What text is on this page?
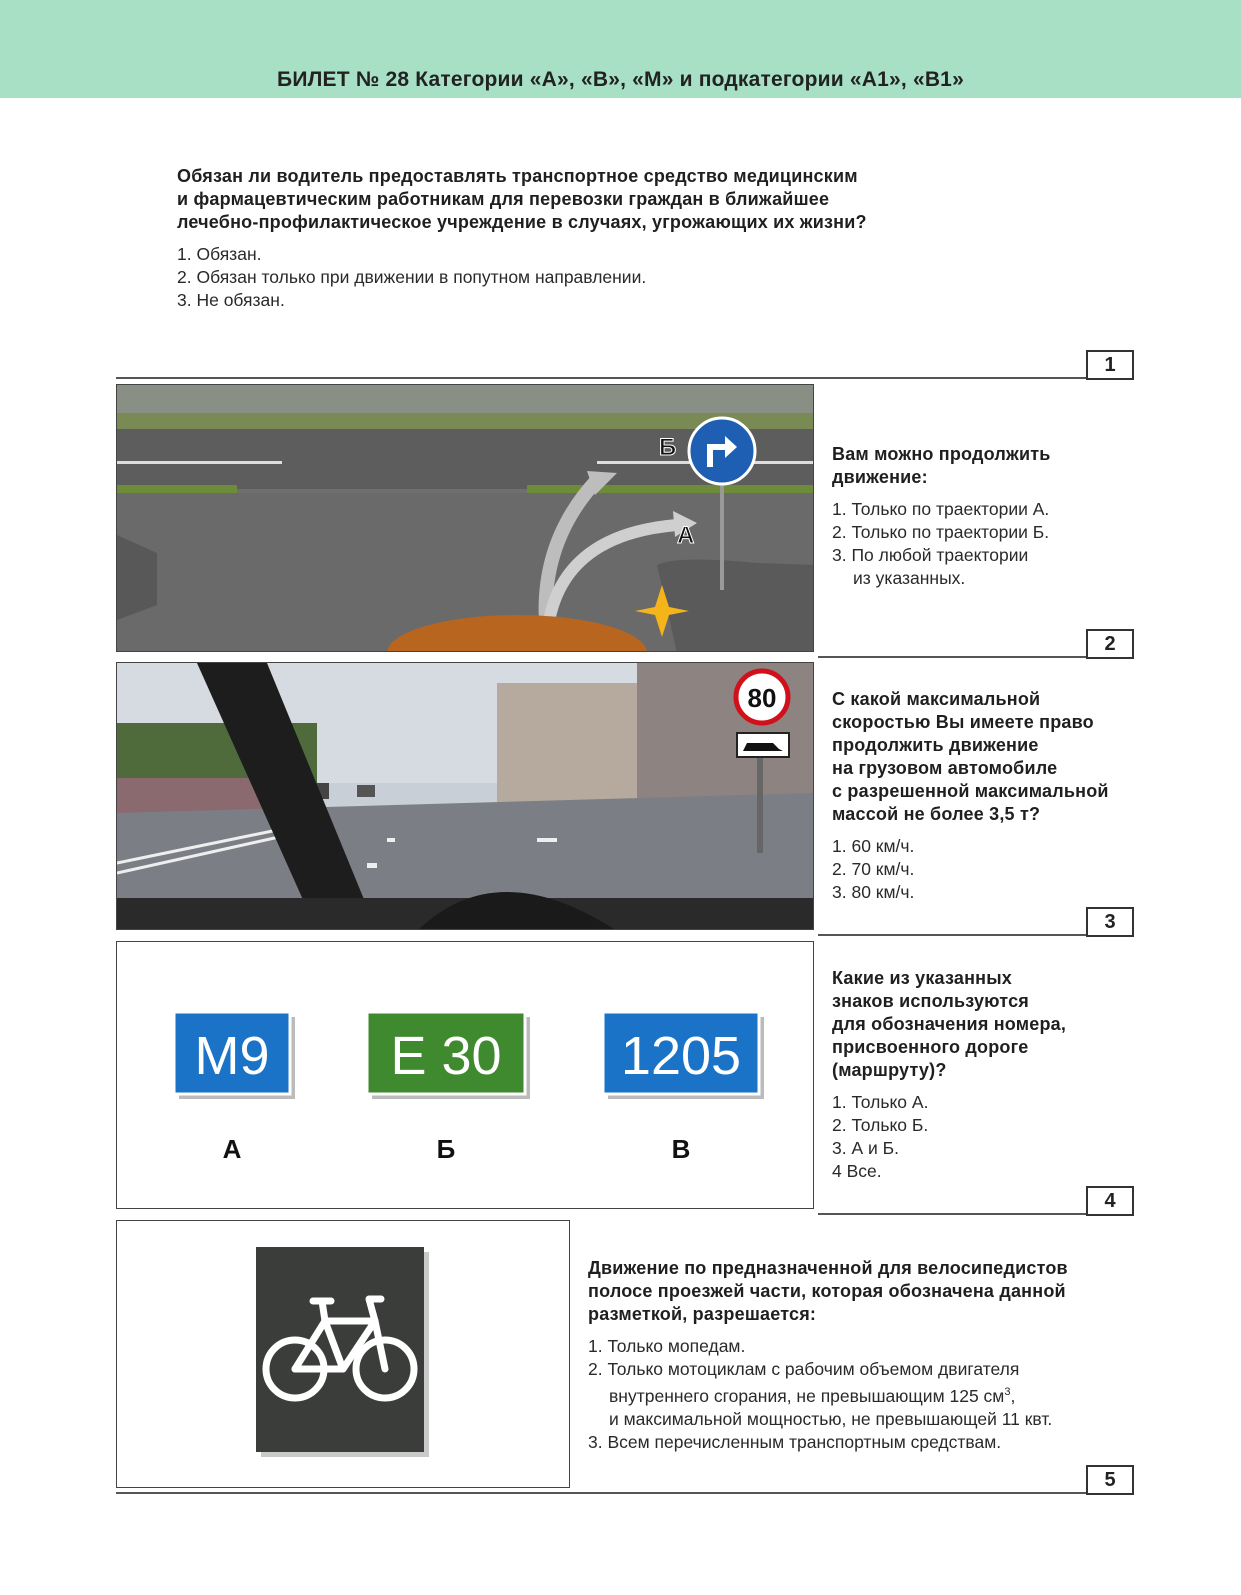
БИЛЕТ № 28 Категории «А», «В», «М» и подкатегории «А1», «В1»
Обязан ли водитель предоставлять транспортное средство медицинским
и фармацевтическим работникам для перевозки граждан в ближайшее
лечебно-профилактическое учреждение в случаях, угрожающих их жизни?
1. Обязан.
2. Обязан только при движении в попутном направлении.
3. Не обязан.
1
Б
А
Вам можно продолжить
движение:
1. Только по траектории А.
2. Только по траектории Б.
3. По любой траектории
из указанных.
2
80	С какой максимальной
скоростью Вы имеете право
продолжить движение
на грузовом автомобиле
с разрешенной максимальной
массой не более 3,5 т?
1. 60 км/ч.
2. 70 км/ч.
3. 80 км/ч.
3
M9
А
E 30
Б
1205
В
Какие из указанных
знаков используются
для обозначения номера,
присвоенного дороге
(маршруту)?
1. Только А.
2. Только Б.
3. А и Б.
4 Все.
4
Движение по предназначенной для велосипедистов
полосе проезжей части, которая обозначена данной
разметкой, разрешается:
1. Только мопедам.
2. Только мотоциклам с рабочим объемом двигателя
внутреннего сгорания, не превышающим 125 $см^3$,
и максимальной мощностью, не превышающей 11 квт.
3. Всем перечисленным транспортным средствам.
5
